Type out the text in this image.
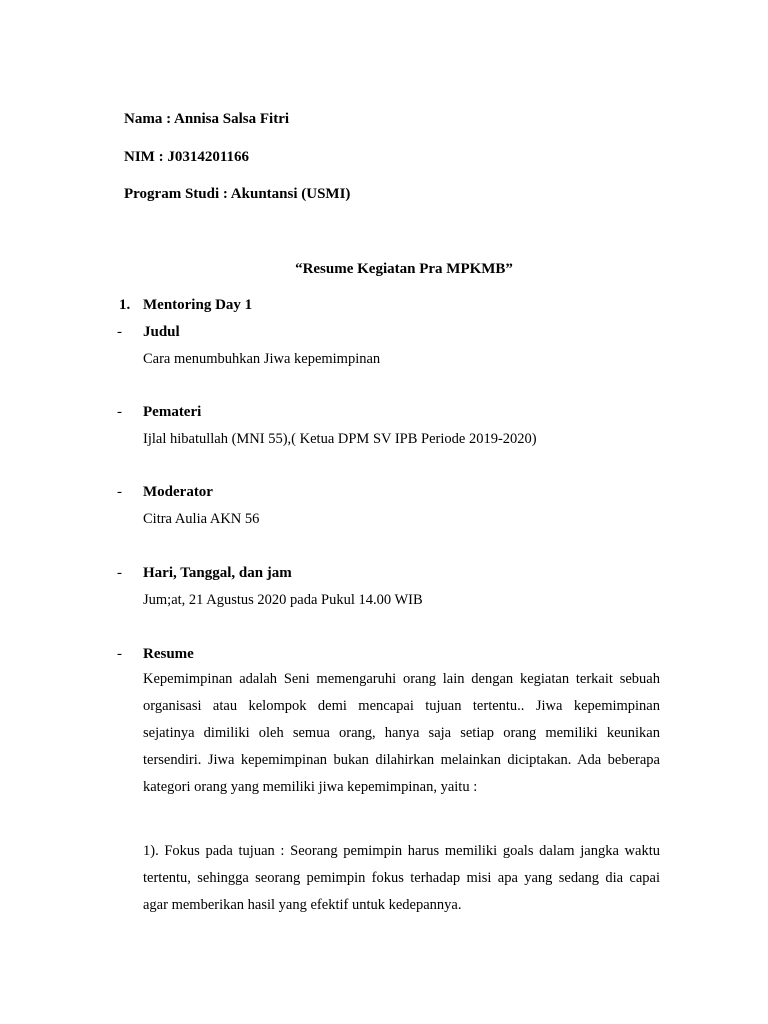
Nama : Annisa Salsa Fitri
NIM : J0314201166
Program Studi : Akuntansi (USMI)
“Resume Kegiatan Pra MPKMB”
1. Mentoring Day 1
- Judul
Cara menumbuhkan Jiwa kepemimpinan
- Pemateri
Ijlal hibatullah (MNI 55),( Ketua DPM SV IPB Periode 2019-2020)
- Moderator
Citra Aulia AKN 56
- Hari, Tanggal, dan jam
Jum;at, 21 Agustus 2020 pada Pukul 14.00 WIB
- Resume
Kepemimpinan adalah Seni memengaruhi orang lain dengan kegiatan terkait sebuah
organisasi atau kelompok demi mencapai tujuan tertentu.. Jiwa kepemimpinan
sejatinya dimiliki oleh semua orang, hanya saja setiap orang memiliki keunikan
tersendiri. Jiwa kepemimpinan bukan dilahirkan melainkan diciptakan. Ada beberapa
kategori orang yang memiliki jiwa kepemimpinan, yaitu :
1). Fokus pada tujuan : Seorang pemimpin harus memiliki goals dalam jangka waktu
tertentu, sehingga seorang pemimpin fokus terhadap misi apa yang sedang dia capai
agar memberikan hasil yang efektif untuk kedepannya.
